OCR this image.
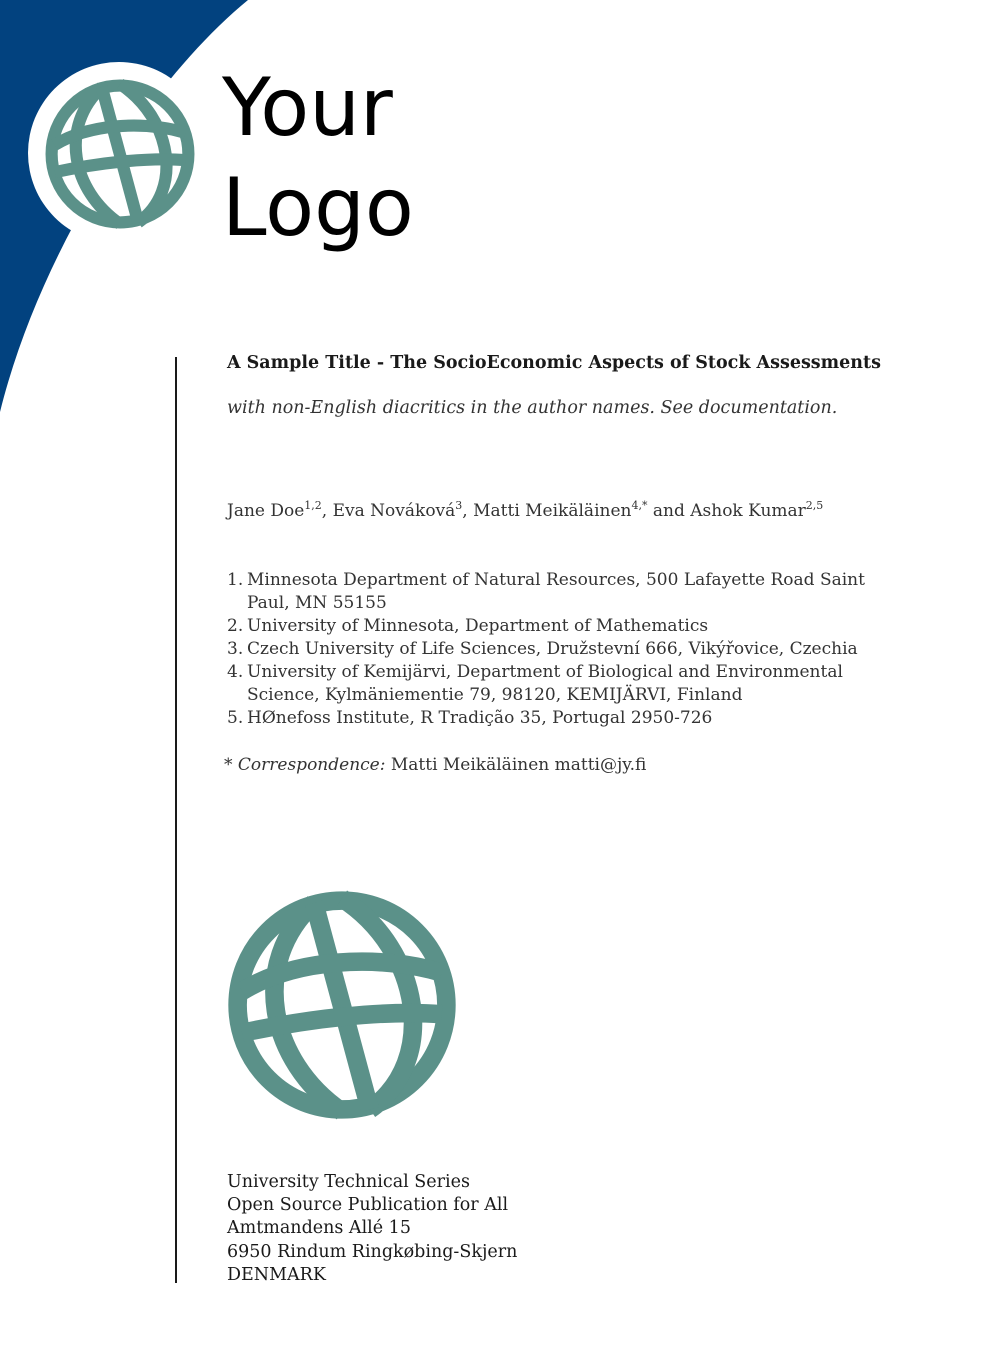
Your
Logo

A Sample Title - The SocioEconomic Aspects of Stock Assessments

with non-English diacritics in the author names. See documentation.

Jane Doe$^{1,2}$, Eva Nováková$^3$, Matti Meikäläinen$^{4,*}$ and Ashok Kumar$^{2,5}$

1. Minnesota Department of Natural Resources, 500 Lafayette Road Saint Paul, MN 55155
2. University of Minnesota, Department of Mathematics
3. Czech University of Life Sciences, Družstevní 666, Vikýřovice, Czechia
4. University of Kemijärvi, Department of Biological and Environmental Science, Kylmäniementie 79, 98120, KEMIJÄRVI, Finland
5. HØnefoss Institute, R Tradição 35, Portugal 2950-726

* Correspondence: Matti Meikäläinen matti@jy.fi

University Technical Series
Open Source Publication for All
Amtmandens Allé 15
6950 Rindum Ringkøbing-Skjern
DENMARK
